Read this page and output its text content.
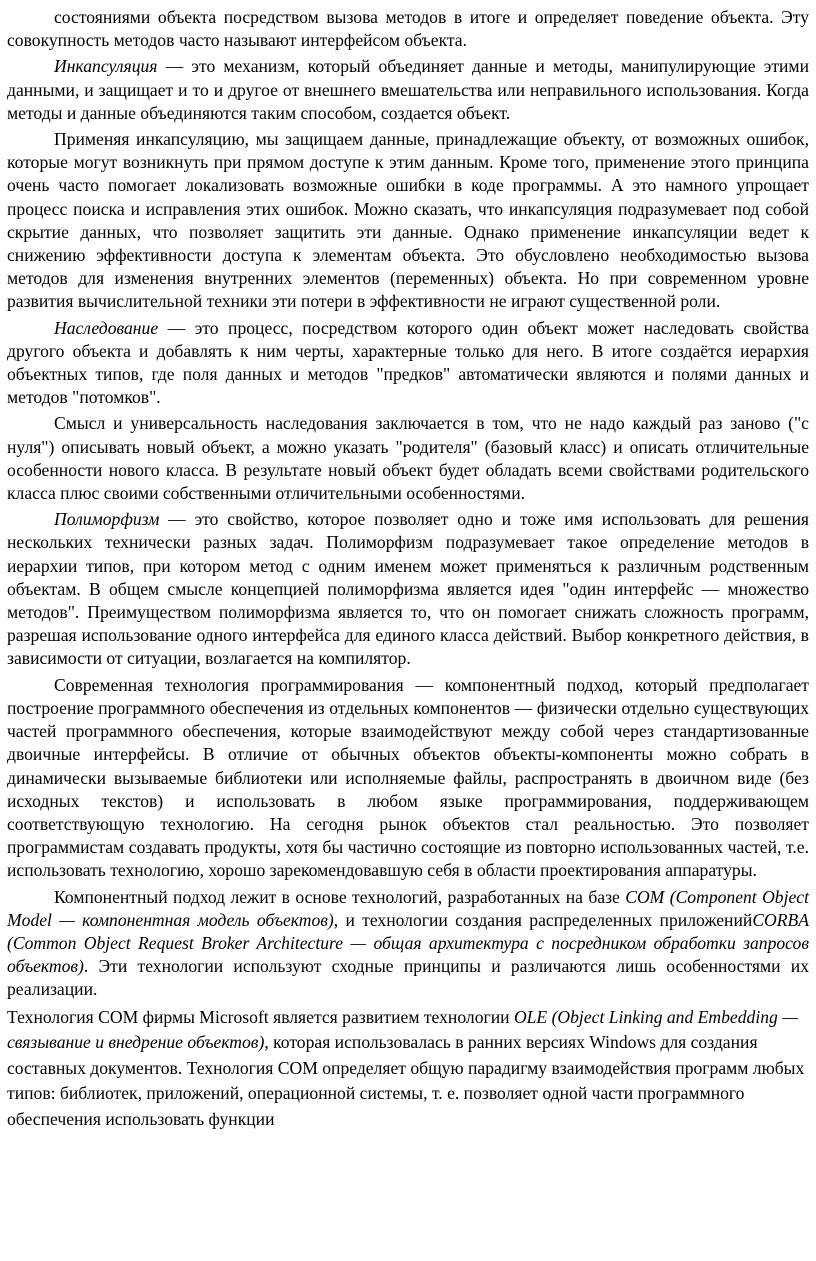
состояниями объекта посредством вызова методов в итоге и определяет поведение объекта. Эту совокупность методов часто называют интерфейсом объекта.

Инкапсуляция — это механизм, который объединяет данные и методы, манипулирующие этими данными, и защищает и то и другое от внешнего вмешательства или неправильного использования. Когда методы и данные объединяются таким способом, создается объект.

Применяя инкапсуляцию, мы защищаем данные, принадлежащие объекту, от возможных ошибок, которые могут возникнуть при прямом доступе к этим данным. Кроме того, применение этого принципа очень часто помогает локализовать возможные ошибки в коде программы. А это намного упрощает процесс поиска и исправления этих ошибок. Можно сказать, что инкапсуляция подразумевает под собой скрытие данных, что позволяет защитить эти данные. Однако применение инкапсуляции ведет к снижению эффективности доступа к элементам объекта. Это обусловлено необходимостью вызова методов для изменения внутренних элементов (переменных) объекта. Но при современном уровне развития вычислительной техники эти потери в эффективности не играют существенной роли.

Наследование — это процесс, посредством которого один объект может наследовать свойства другого объекта и добавлять к ним черты, характерные только для него. В итоге создаётся иерархия объектных типов, где поля данных и методов "предков" автоматически являются и полями данных и методов "потомков".

Смысл и универсальность наследования заключается в том, что не надо каждый раз заново ("с нуля") описывать новый объект, а можно указать "родителя" (базовый класс) и описать отличительные особенности нового класса. В результате новый объект будет обладать всеми свойствами родительского класса плюс своими собственными отличительными особенностями.

Полиморфизм — это свойство, которое позволяет одно и тоже имя использовать для решения нескольких технически разных задач. Полиморфизм подразумевает такое определение методов в иерархии типов, при котором метод с одним именем может применяться к различным родственным объектам. В общем смысле концепцией полиморфизма является идея "один интерфейс — множество методов". Преимуществом полиморфизма является то, что он помогает снижать сложность программ, разрешая использование одного интерфейса для единого класса действий. Выбор конкретного действия, в зависимости от ситуации, возлагается на компилятор.

Современная технология программирования — компонентный подход, который предполагает построение программного обеспечения из отдельных компонентов — физически отдельно существующих частей программного обеспечения, которые взаимодействуют между собой через стандартизованные двоичные интерфейсы. В отличие от обычных объектов объекты-компоненты можно собрать в динамически вызываемые библиотеки или исполняемые файлы, распространять в двоичном виде (без исходных текстов) и использовать в любом языке программирования, поддерживающем соответствующую технологию. На сегодня рынок объектов стал реальностью. Это позволяет программистам создавать продукты, хотя бы частично состоящие из повторно использованных частей, т.е. использовать технологию, хорошо зарекомендовавшую себя в области проектирования аппаратуры.

Компонентный подход лежит в основе технологий, разработанных на базе COM (Component Object Model — компонентная модель объектов), и технологии создания распределенных приложенийCORBA (Common Object Request Broker Architecture — общая архитектура с посредником обработки запросов объектов). Эти технологии используют сходные принципы и различаются лишь особенностями их реализации.

Технология COM фирмы Microsoft является развитием технологии OLE (Object Linking and Embedding — связывание и внедрение объектов), которая использовалась в ранних версиях Windows для создания составных документов. Технология COM определяет общую парадигму взаимодействия программ любых типов: библиотек, приложений, операционной системы, т. е. позволяет одной части программного обеспечения использовать функции
